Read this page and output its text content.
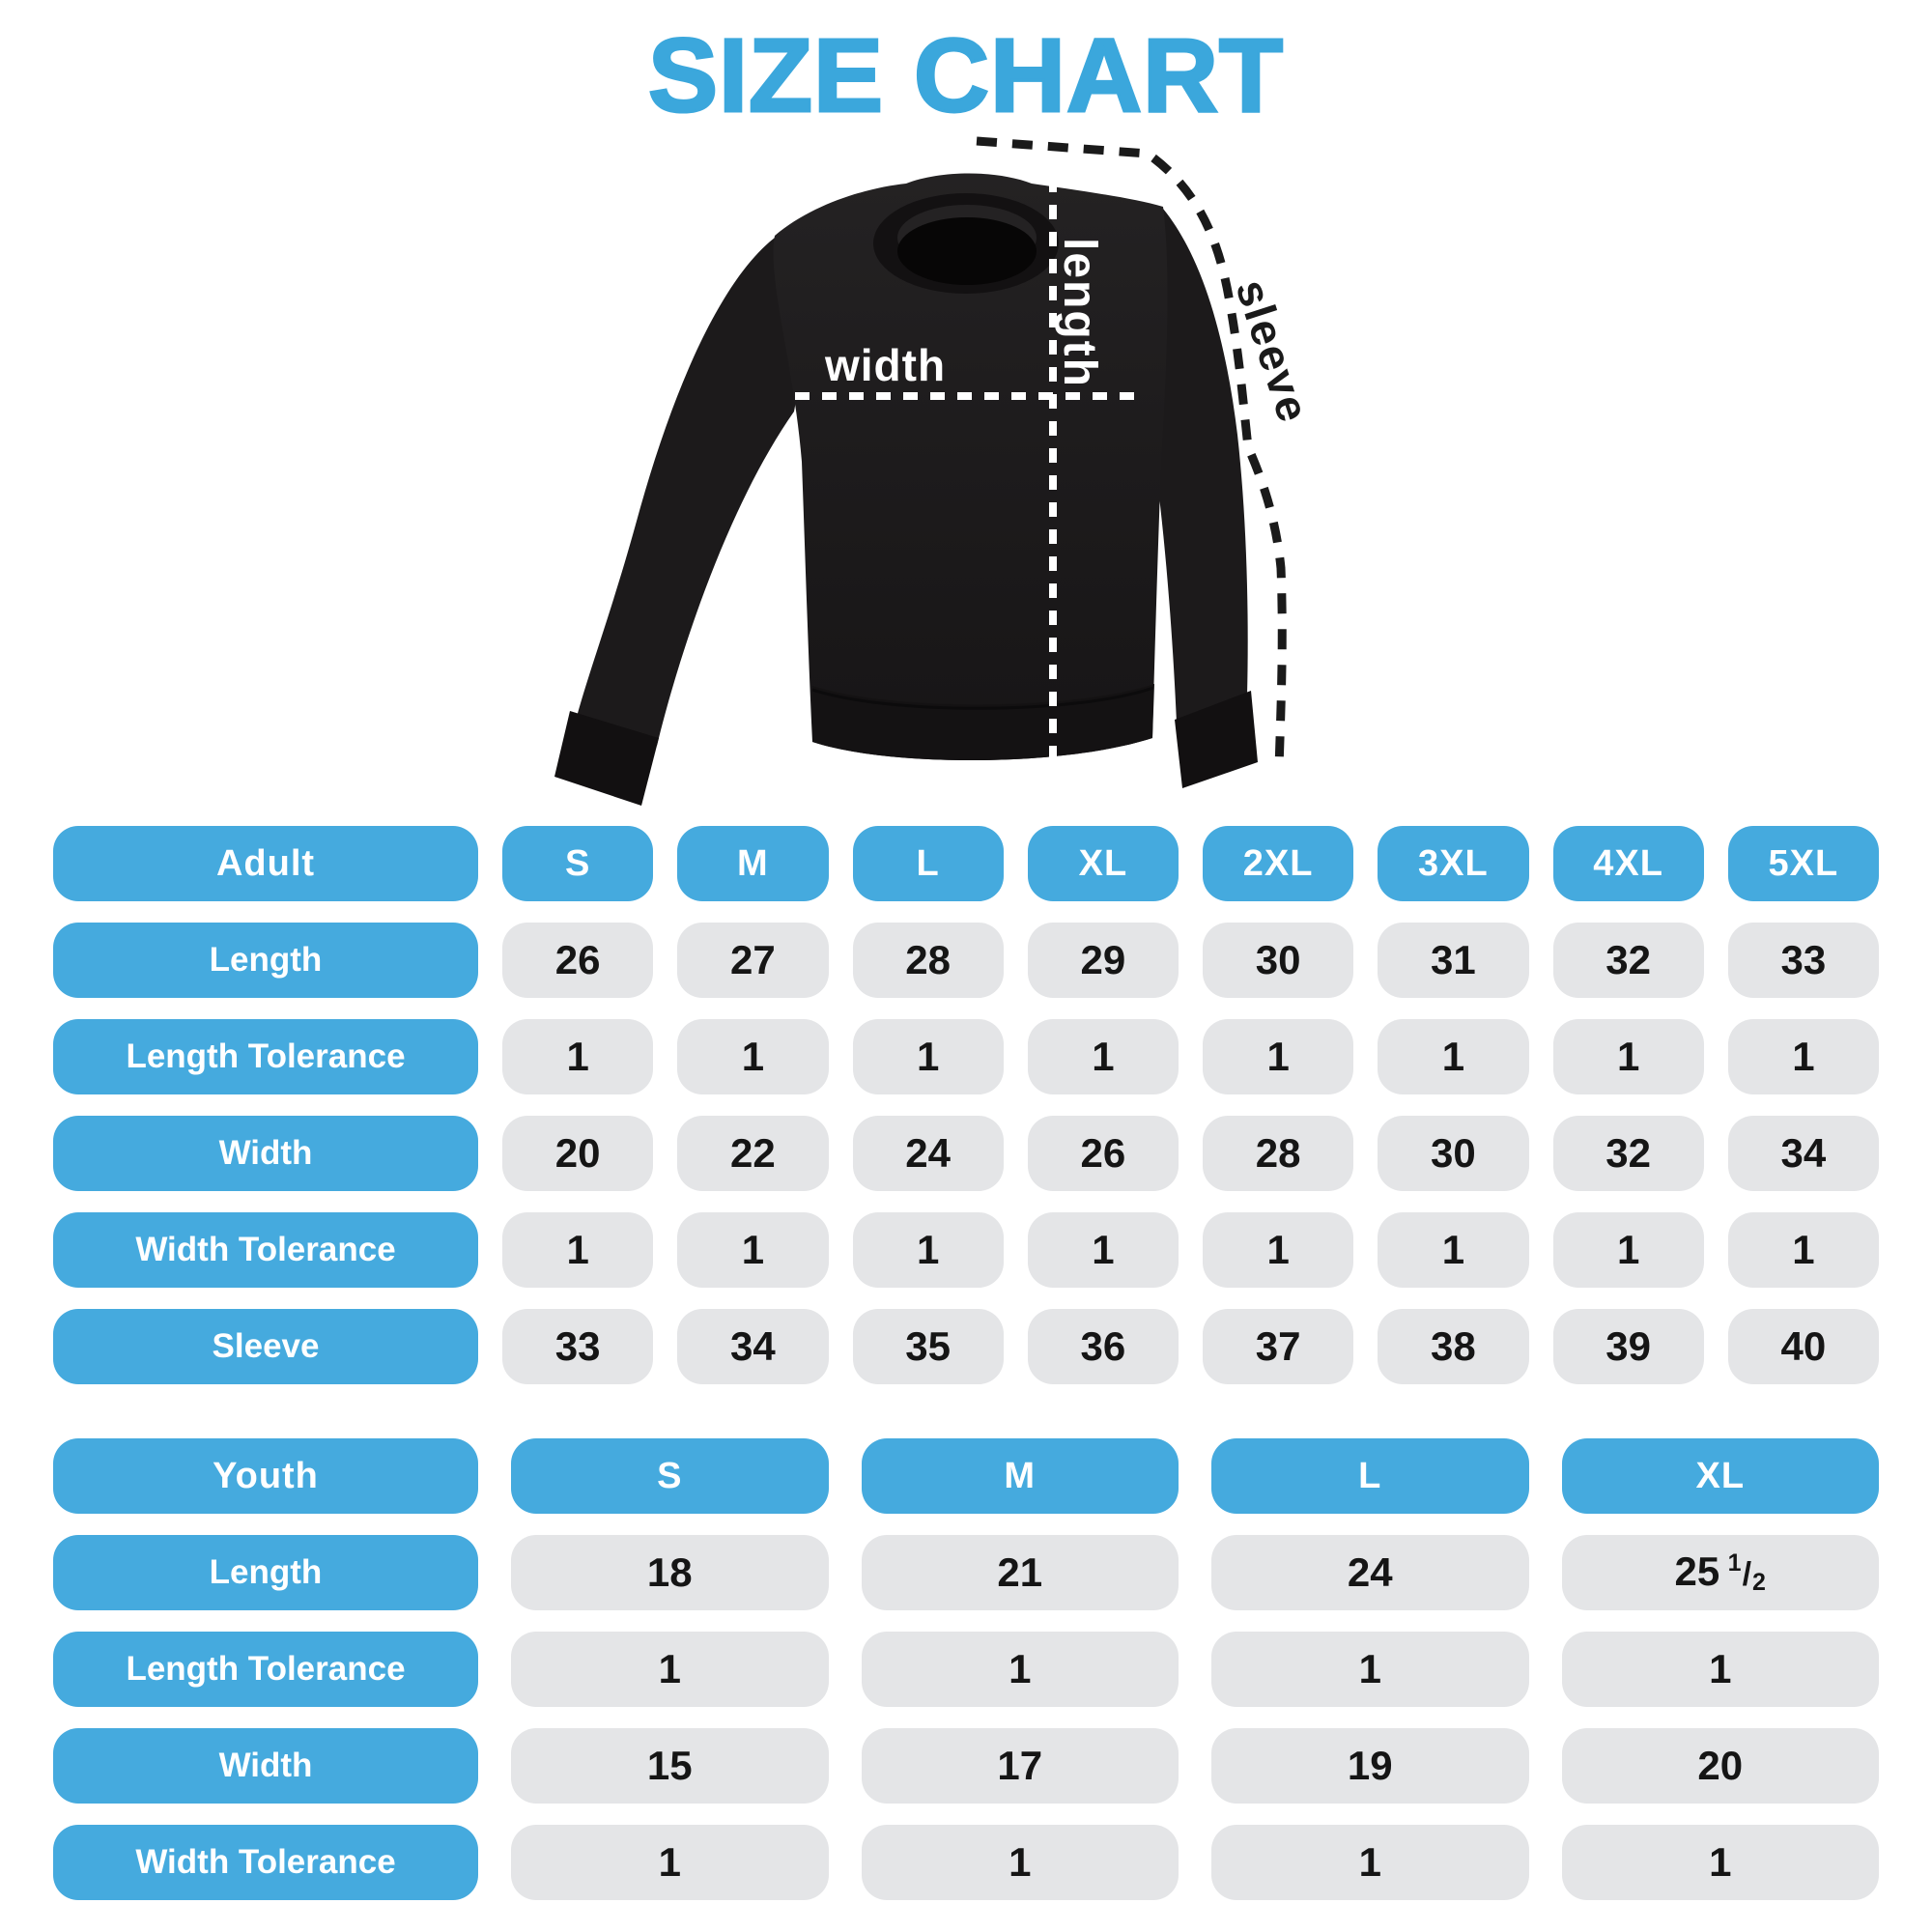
SIZE CHART
width length	sleeve
Adult	S	M	L	XL	2XL	3XL	4XL	5XL
Length	26	27	28	29	30	31	32	33
Length Tolerance	1	1	1	1	1	1	1	1
Width	20	22	24	26	28	30	32	34
Width Tolerance	1	1	1	1	1	1	1	1
Sleeve	33	34	35	36	37	38	39	40
Youth	S	M	L	XL
Length	18	21	24	25 $^1/_2$
Length Tolerance	1	1	1	1
Width	15	17	19	20
Width Tolerance	1	1	1	1
